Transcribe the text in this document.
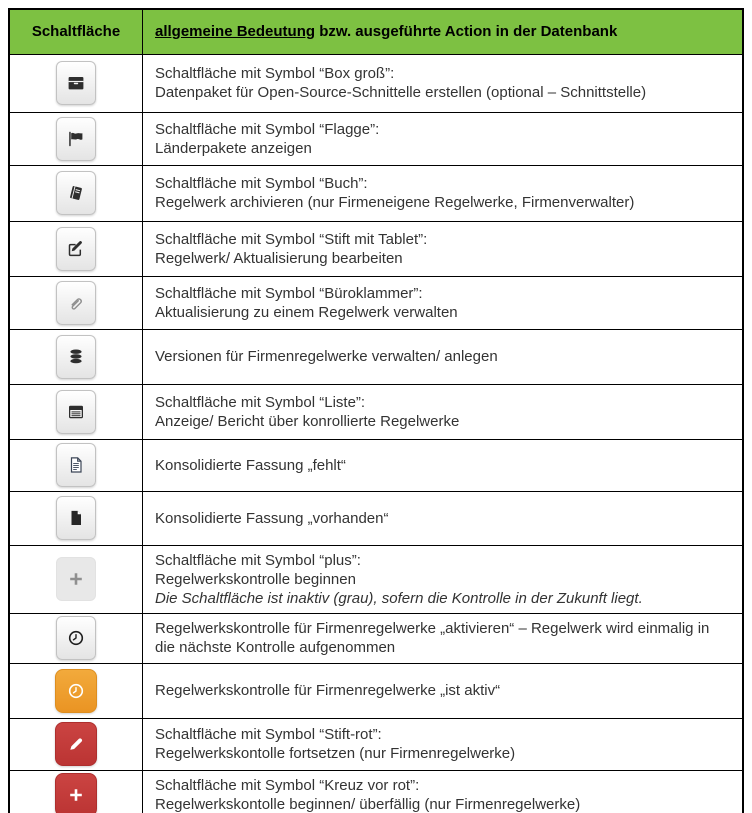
Schaltfläche	allgemeine Bedeutung bzw. ausgeführte Action in der Datenbank

Schaltfläche mit Symbol “Box groß”:
Datenpaket für Open-Source-Schnittelle erstellen (optional – Schnittstelle)

Schaltfläche mit Symbol “Flagge”:
Länderpakete anzeigen

Schaltfläche mit Symbol “Buch”:
Regelwerk archivieren (nur Firmeneigene Regelwerke, Firmenverwalter)

Schaltfläche mit Symbol “Stift mit Tablet”:
Regelwerk/ Aktualisierung bearbeiten

Schaltfläche mit Symbol “Büroklammer”:
Aktualisierung zu einem Regelwerk verwalten

Versionen für Firmenregelwerke verwalten/ anlegen

Schaltfläche mit Symbol “Liste”:
Anzeige/ Bericht über konrollierte Regelwerke

Konsolidierte Fassung „fehlt“

Konsolidierte Fassung „vorhanden“

Schaltfläche mit Symbol “plus”:
Regelwerkskontrolle beginnen
Die Schaltfläche ist inaktiv (grau), sofern die Kontrolle in der Zukunft liegt.

Regelwerkskontrolle für Firmenregelwerke „aktivieren“ – Regelwerk wird einmalig in die nächste Kontrolle aufgenommen

Regelwerkskontrolle für Firmenregelwerke „ist aktiv“

Schaltfläche mit Symbol “Stift-rot”:
Regelwerkskontolle fortsetzen (nur Firmenregelwerke)

Schaltfläche mit Symbol “Kreuz vor rot”:
Regelwerkskontolle beginnen/ überfällig (nur Firmenregelwerke)
